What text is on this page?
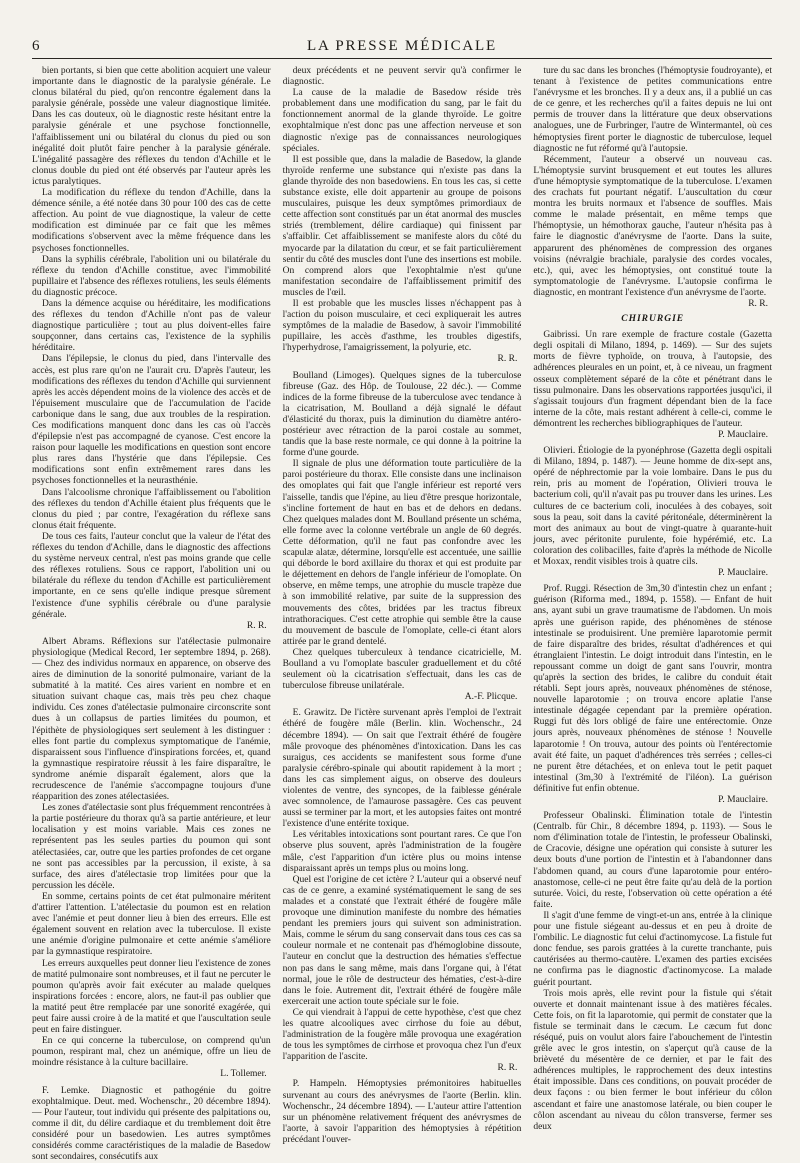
6	LA PRESSE MÉDICALE

bien portants, si bien que cette abolition acquiert une valeur importante dans le diagnostic de la paralysie générale. Le clonus bilatéral du pied, qu'on rencontre également dans la paralysie générale, possède une valeur diagnostique limitée. Dans les cas douteux, où le diagnostic reste hésitant entre la paralysie générale et une psychose fonctionnelle, l'affaiblissement uni ou bilatéral du clonus du pied ou son inégalité doit plutôt faire pencher à la paralysie générale. L'inégalité passagère des réflexes du tendon d'Achille et le clonus double du pied ont été observés par l'auteur après les ictus paralytiques.

La modification du réflexe du tendon d'Achille, dans la démence sénile, a été notée dans 30 pour 100 des cas de cette affection. Au point de vue diagnostique, la valeur de cette modification est diminuée par ce fait que les mêmes modifications s'observent avec la même fréquence dans les psychoses fonctionnelles.

Dans la syphilis cérébrale, l'abolition uni ou bilatérale du réflexe du tendon d'Achille constitue, avec l'immobilité pupillaire et l'absence des réflexes rotuliens, les seuls éléments du diagnostic précoce.

Dans la démence acquise ou héréditaire, les modifications des réflexes du tendon d'Achille n'ont pas de valeur diagnostique particulière ; tout au plus doivent-elles faire soupçonner, dans certains cas, l'existence de la syphilis héréditaire.

Dans l'épilepsie, le clonus du pied, dans l'intervalle des accès, est plus rare qu'on ne l'aurait cru. D'après l'auteur, les modifications des réflexes du tendon d'Achille qui surviennent après les accès dépendent moins de la violence des accès et de l'épuisement musculaire que de l'accumulation de l'acide carbonique dans le sang, due aux troubles de la respiration. Ces modifications manquent donc dans les cas où l'accès d'épilepsie n'est pas accompagné de cyanose. C'est encore la raison pour laquelle les modifications en question sont encore plus rares dans l'hystérie que dans l'épilepsie. Ces modifications sont enfin extrêmement rares dans les psychoses fonctionnelles et la neurasthénie.

Dans l'alcoolisme chronique l'affaiblissement ou l'abolition des réflexes du tendon d'Achille étaient plus fréquents que le clonus du pied ; par contre, l'exagération du réflexe sans clonus était fréquente.

De tous ces faits, l'auteur conclut que la valeur de l'état des réflexes du tendon d'Achille, dans le diagnostic des affections du système nerveux central, n'est pas moins grande que celle des réflexes rotuliens. Sous ce rapport, l'abolition uni ou bilatérale du réflexe du tendon d'Achille est particulièrement importante, en ce sens qu'elle indique presque sûrement l'existence d'une syphilis cérébrale ou d'une paralysie générale.

R. R.

Albert Abrams. Réflexions sur l'atélectasie pulmonaire physiologique (Medical Record, 1er septembre 1894, p. 268). — Chez des individus normaux en apparence, on observe des aires de diminution de la sonorité pulmonaire, variant de la submatité à la matité. Ces aires varient en nombre et en situation suivant chaque cas, mais très peu chez chaque individu. Ces zones d'atélectasie pulmonaire circonscrite sont dues à un collapsus de parties limitées du poumon, et l'épithète de physiologiques sert seulement à les distinguer : elles font partie du complexus symptomatique de l'anémie, disparaissent sous l'influence d'inspirations forcées, et, quand la gymnastique respiratoire réussit à les faire disparaître, le syndrome anémie disparaît également, alors que la recrudescence de l'anémie s'accompagne toujours d'une réapparition des zones atélectasiées.

Les zones d'atélectasie sont plus fréquemment rencontrées à la partie postérieure du thorax qu'à sa partie antérieure, et leur localisation y est moins variable. Mais ces zones ne représentent pas les seules parties du poumon qui sont atélectasiées, car, outre que les parties profondes de cet organe ne sont pas accessibles par la percussion, il existe, à sa surface, des aires d'atélectasie trop limitées pour que la percussion les décèle.

En somme, certains points de cet état pulmonaire méritent d'attirer l'attention. L'atélectasie du poumon est en relation avec l'anémie et peut donner lieu à bien des erreurs. Elle est également souvent en relation avec la tuberculose. Il existe une anémie d'origine pulmonaire et cette anémie s'améliore par la gymnastique respiratoire.

Les erreurs auxquelles peut donner lieu l'existence de zones de matité pulmonaire sont nombreuses, et il faut ne percuter le poumon qu'après avoir fait exécuter au malade quelques inspirations forcées : encore, alors, ne faut-il pas oublier que la matité peut être remplacée par une sonorité exagérée, qui peut faire aussi croire à de la matité et que l'auscultation seule peut en faire distinguer.

En ce qui concerne la tuberculose, on comprend qu'un poumon, respirant mal, chez un anémique, offre un lieu de moindre résistance à la culture bacillaire.

L. Tollemer.

F. Lemke. Diagnostic et pathogénie du goitre exophtalmique. Deut. med. Wochenschr., 20 décembre 1894). — Pour l'auteur, tout individu qui présente des palpitations ou, comme il dit, du délire cardiaque et du tremblement doit être considéré pour un basedowien. Les autres symptômes considérés comme caractéristiques de la maladie de Basedow sont secondaires, consécutifs aux

deux précédents et ne peuvent servir qu'à confirmer le diagnostic.

La cause de la maladie de Basedow réside très probablement dans une modification du sang, par le fait du fonctionnement anormal de la glande thyroïde. Le goitre exophtalmique n'est donc pas une affection nerveuse et son diagnostic n'exige pas de connaissances neurologiques spéciales.

Il est possible que, dans la maladie de Basedow, la glande thyroïde renferme une substance qui n'existe pas dans la glande thyroïde des non basedowiens. En tous les cas, si cette substance existe, elle doit appartenir au groupe de poisons musculaires, puisque les deux symptômes primordiaux de cette affection sont constitués par un état anormal des muscles striés (tremblement, délire cardiaque) qui finissent par s'affaiblir. Cet affaiblissement se manifeste alors du côté du myocarde par la dilatation du cœur, et se fait particulièrement sentir du côté des muscles dont l'une des insertions est mobile. On comprend alors que l'exophtalmie n'est qu'une manifestation secondaire de l'affaiblissement primitif des muscles de l'œil.

Il est probable que les muscles lisses n'échappent pas à l'action du poison musculaire, et ceci expliquerait les autres symptômes de la maladie de Basedow, à savoir l'immobilité pupillaire, les accès d'asthme, les troubles digestifs, l'hyperhydrose, l'amaigrissement, la polyurie, etc.

R. R.

Boulland (Limoges). Quelques signes de la tuberculose fibreuse (Gaz. des Hôp. de Toulouse, 22 déc.). — Comme indices de la forme fibreuse de la tuberculose avec tendance à la cicatrisation, M. Boulland a déjà signalé le défaut d'élasticité du thorax, puis la diminution du diamètre antéro-postérieur avec rétraction de la paroi costale au sommet, tandis que la base reste normale, ce qui donne à la poitrine la forme d'une gourde.

Il signale de plus une déformation toute particulière de la paroi postérieure du thorax. Elle consiste dans une inclinaison des omoplates qui fait que l'angle inférieur est reporté vers l'aisselle, tandis que l'épine, au lieu d'être presque horizontale, s'incline fortement de haut en bas et de dehors en dedans. Chez quelques malades dont M. Boulland présente un schéma, elle forme avec la colonne vertébrale un angle de 60 degrés. Cette déformation, qu'il ne faut pas confondre avec les scapulæ alatæ, détermine, lorsqu'elle est accentuée, une saillie qui déborde le bord axillaire du thorax et qui est produite par le déjettement en dehors de l'angle inférieur de l'omoplate. On observe, en même temps, une atrophie du muscle trapèze due à son immobilité relative, par suite de la suppression des mouvements des côtes, bridées par les tractus fibreux intrathoraciques. C'est cette atrophie qui semble être la cause du mouvement de bascule de l'omoplate, celle-ci étant alors attirée par le grand dentelé.

Chez quelques tuberculeux à tendance cicatricielle, M. Boulland a vu l'omoplate basculer graduellement et du côté seulement où la cicatrisation s'effectuait, dans les cas de tuberculose fibreuse unilatérale.

A.-F. Plicque.

E. Grawitz. De l'ictère survenant après l'emploi de l'extrait éthéré de fougère mâle (Berlin. klin. Wochenschr., 24 décembre 1894). — On sait que l'extrait éthéré de fougère mâle provoque des phénomènes d'intoxication. Dans les cas suraigus, ces accidents se manifestent sous forme d'une paralysie cérébro-spinale qui aboutit rapidement à la mort ; dans les cas simplement aigus, on observe des douleurs violentes de ventre, des syncopes, de la faiblesse générale avec somnolence, de l'amaurose passagère. Ces cas peuvent aussi se terminer par la mort, et les autopsies faites ont montré l'existence d'une entérite toxique.

Les véritables intoxications sont pourtant rares. Ce que l'on observe plus souvent, après l'administration de la fougère mâle, c'est l'apparition d'un ictère plus ou moins intense disparaissant après un temps plus ou moins long.

Quel est l'origine de cet ictère ? L'auteur qui a observé neuf cas de ce genre, a examiné systématiquement le sang de ses malades et a constaté que l'extrait éthéré de fougère mâle provoque une diminution manifeste du nombre des hématies pendant les premiers jours qui suivent son administration. Mais, comme le sérum du sang conservait dans tous ces cas sa couleur normale et ne contenait pas d'hémoglobine dissoute, l'auteur en conclut que la destruction des hématies s'effectue non pas dans le sang même, mais dans l'organe qui, à l'état normal, joue le rôle de destructeur des hématies, c'est-à-dire dans le foie. Autrement dit, l'extrait éthéré de fougère mâle exercerait une action toute spéciale sur le foie.

Ce qui viendrait à l'appui de cette hypothèse, c'est que chez les quatre alcooliques avec cirrhose du foie au début, l'administration de la fougère mâle provoqua une exagération de tous les symptômes de cirrhose et provoqua chez l'un d'eux l'apparition de l'ascite.

R. R.

P. Hampeln. Hémoptysies prémonitoires habituelles survenant au cours des anévrysmes de l'aorte (Berlin. klin. Wochenschr., 24 décembre 1894). — L'auteur attire l'attention sur un phénomène relativement fréquent des anévrysmes de l'aorte, à savoir l'apparition des hémoptysies à répétition précédant l'ouver-

ture du sac dans les bronches (l'hémoptysie foudroyante), et tenant à l'existence de petites communications entre l'anévrysme et les bronches. Il y a deux ans, il a publié un cas de ce genre, et les recherches qu'il a faites depuis ne lui ont permis de trouver dans la littérature que deux observations analogues, une de Furbringer, l'autre de Wintermantel, où ces hémoptysies firent porter le diagnostic de tuberculose, lequel diagnostic ne fut réformé qu'à l'autopsie.

Récemment, l'auteur a observé un nouveau cas. L'hémoptysie survint brusquement et eut toutes les allures d'une hémoptysie symptomatique de la tuberculose. L'examen des crachats fut pourtant négatif. L'auscultation du cœur montra les bruits normaux et l'absence de souffles. Mais comme le malade présentait, en même temps que l'hémoptysie, un hémothorax gauche, l'auteur n'hésita pas à faire le diagnostic d'anévrysme de l'aorte. Dans la suite, apparurent des phénomènes de compression des organes voisins (névralgie brachiale, paralysie des cordes vocales, etc.), qui, avec les hémoptysies, ont constitué toute la symptomatologie de l'anévrysme. L'autopsie confirma le diagnostic, en montrant l'existence d'un anévrysme de l'aorte.

R. R.

CHIRURGIE

Gaibrissi. Un rare exemple de fracture costale (Gazetta degli ospitali di Milano, 1894, p. 1469). — Sur des sujets morts de fièvre typhoïde, on trouva, à l'autopsie, des adhérences pleurales en un point, et, à ce niveau, un fragment osseux complètement séparé de la côte et pénétrant dans le tissu pulmonaire. Dans les observations rapportées jusqu'ici, il s'agissait toujours d'un fragment dépendant bien de la face interne de la côte, mais restant adhérent à celle-ci, comme le démontrent les recherches bibliographiques de l'auteur.

P. Mauclaire.

Olivieri. Étiologie de la pyonéphrose (Gazetta degli ospitali di Milano, 1894, p. 1487). — Jeune homme de dix-sept ans, opéré de néphrectomie par la voie lombaire. Dans le pus du rein, pris au moment de l'opération, Olivieri trouva le bacterium coli, qu'il n'avait pas pu trouver dans les urines. Les cultures de ce bacterium coli, inoculées à des cobayes, soit sous la peau, soit dans la cavité péritonéale, déterminèrent la mort des animaux au bout de vingt-quatre à quarante-huit jours, avec péritonite purulente, foie hypérémié, etc. La coloration des colibacilles, faite d'après la méthode de Nicolle et Moxax, rendit visibles trois à quatre cils.

P. Mauclaire.

Prof. Ruggi. Résection de 3m,30 d'intestin chez un enfant ; guérison (Riforma med., 1894, p. 1558). — Enfant de huit ans, ayant subi un grave traumatisme de l'abdomen. Un mois après une guérison rapide, des phénomènes de sténose intestinale se produisirent. Une première laparotomie permit de faire disparaître des brides, résultat d'adhérences et qui étranglaient l'intestin. Le doigt introduit dans l'intestin, en le repoussant comme un doigt de gant sans l'ouvrir, montra qu'après la section des brides, le calibre du conduit était rétabli. Sept jours après, nouveaux phénomènes de sténose, nouvelle laparotomie ; on trouva encore aplatie l'anse intestinale dégagée cependant par la première opération. Ruggi fut dès lors obligé de faire une entérectomie. Onze jours après, nouveaux phénomènes de sténose ! Nouvelle laparotomie ! On trouva, autour des points où l'entérectomie avait été faite, un paquet d'adhérences très serrées ; celles-ci ne purent être détachées, et on enleva tout le petit paquet intestinal (3m,30 à l'extrémité de l'iléon). La guérison définitive fut enfin obtenue.

P. Mauclaire.

Professeur Obalinski. Élimination totale de l'intestin (Centralb. für Chir., 8 décembre 1894, p. 1193). — Sous le nom d'élimination totale de l'intestin, le professeur Obalinski, de Cracovie, désigne une opération qui consiste à suturer les deux bouts d'une portion de l'intestin et à l'abandonner dans l'abdomen quand, au cours d'une laparotomie pour entéro-anastomose, celle-ci ne peut être faite qu'au delà de la portion suturée. Voici, du reste, l'observation où cette opération a été faite.

Il s'agit d'une femme de vingt-et-un ans, entrée à la clinique pour une fistule siégeant au-dessus et en peu à droite de l'ombilic. Le diagnostic fut celui d'actinomycose. La fistule fut donc fendue, ses parois grattées à la curette tranchante, puis cautérisées au thermo-cautère. L'examen des parties excisées ne confirma pas le diagnostic d'actinomycose. La malade guérit pourtant.

Trois mois après, elle revint pour la fistule qui s'était ouverte et donnait maintenant issue à des matières fécales. Cette fois, on fit la laparotomie, qui permit de constater que la fistule se terminait dans le cæcum. Le cæcum fut donc réséqué, puis on voulut alors faire l'abouchement de l'intestin grêle avec le gros intestin, on s'aperçut qu'à cause de la brièveté du mésentère de ce dernier, et par le fait des adhérences multiples, le rapprochement des deux intestins était impossible. Dans ces conditions, on pouvait procéder de deux façons : ou bien fermer le bout inférieur du côlon ascendant et faire une anastomose latérale, ou bien couper le côlon ascendant au niveau du côlon transverse, fermer ses deux
